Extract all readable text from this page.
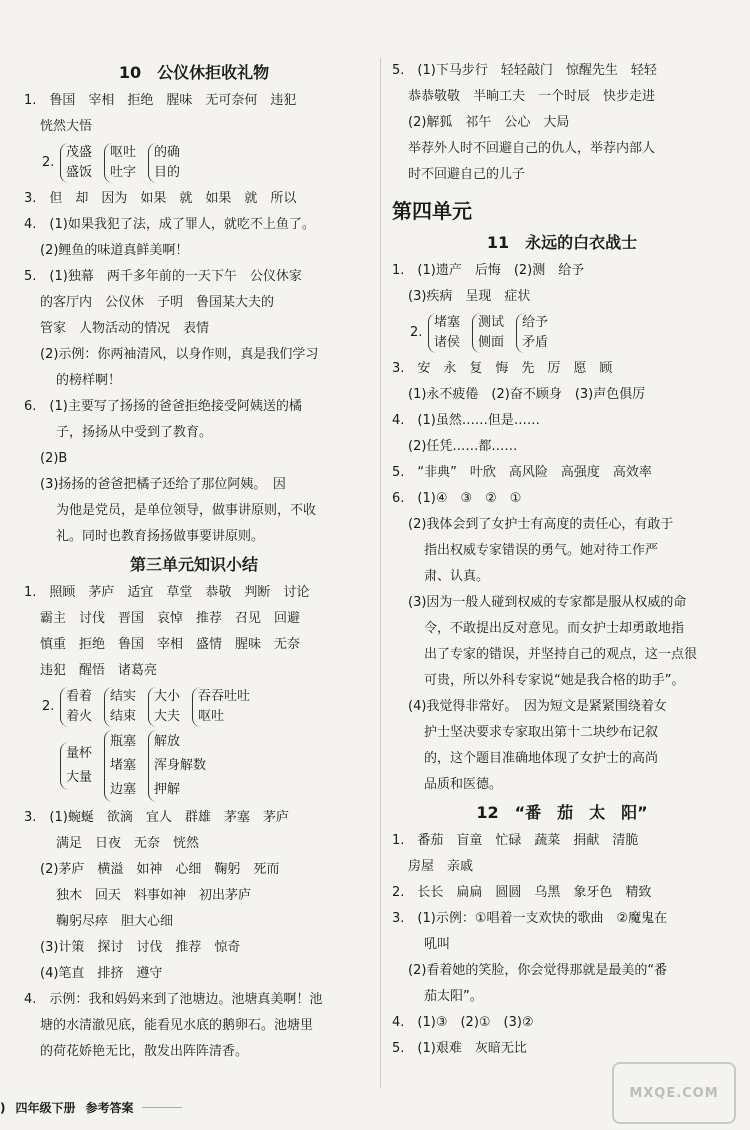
10　公仪休拒收礼物
1.　鲁国　宰相　拒绝　腥味　无可奈何　违犯
恍然大悟
2.
茂盛
盛饭
呕吐
吐字
的确
目的
3.　但　却　因为　如果　就　如果　就　所以
4.　(1)如果我犯了法，成了罪人，就吃不上鱼了。
(2)鲤鱼的味道真鲜美啊！
5.　(1)独幕　两千多年前的一天下午　公仪休家
的客厅内　公仪休　子明　鲁国某大夫的
管家　人物活动的情况　表情
(2)示例：你两袖清风，以身作则，真是我们学习
的榜样啊！
6.　(1)主要写了扬扬的爸爸拒绝接受阿姨送的橘
子，扬扬从中受到了教育。
(2)B
(3)扬扬的爸爸把橘子还给了那位阿姨。　因
为他是党员，是单位领导，做事讲原则，不收
礼。同时也教育扬扬做事要讲原则。
第三单元知识小结
1.　照顾　茅庐　适宜　草堂　恭敬　判断　讨论
霸主　讨伐　晋国　哀悼　推荐　召见　回避
慎重　拒绝　鲁国　宰相　盛情　腥味　无奈
违犯　醒悟　诸葛亮
2.
看着
着火
结实
结束
大小
大夫
吞吞吐吐
呕吐
量杯
大量
瓶塞
堵塞
边塞
解放
浑身解数
押解
3.　(1)蜿蜒　欲滴　宜人　群雄　茅塞　茅庐
满足　日夜　无奈　恍然
(2)茅庐　横溢　如神　心细　鞠躬　死而
独木　回天　料事如神　初出茅庐
鞠躬尽瘁　胆大心细
(3)计策　探讨　讨伐　推荐　惊奇
(4)笔直　排挤　遵守
4.　示例：我和妈妈来到了池塘边。池塘真美啊！池
塘的水清澈见底，能看见水底的鹅卵石。池塘里
的荷花娇艳无比，散发出阵阵清香。
5.　(1)下马步行　轻轻敲门　惊醒先生　轻轻
恭恭敬敬　半晌工夫　一个时辰　快步走进
(2)解狐　祁午　公心　大局
举荐外人时不回避自己的仇人，举荐内部人
时不回避自己的儿子
第四单元
11　永远的白衣战士
1.　(1)遗产　后悔　(2)测　给予
(3)疾病　呈现　症状
2.
堵塞
诸侯
测试
侧面
给予
矛盾
3.　安　永　复　悔　先　厉　愿　顾
(1)永不疲倦　(2)奋不顾身　(3)声色俱厉
4.　(1)虽然……但是……
(2)任凭……都……
5.　“非典”　叶欣　高风险　高强度　高效率
6.　(1)④　③　②　①
(2)我体会到了女护士有高度的责任心，有敢于
指出权威专家错误的勇气。她对待工作严
肃、认真。
(3)因为一般人碰到权威的专家都是服从权威的命
令，不敢提出反对意见。而女护士却勇敢地指
出了专家的错误，并坚持自己的观点，这一点很
可贵，所以外科专家说“她是我合格的助手”。
(4)我觉得非常好。　因为短文是紧紧围绕着女
护士坚决要求专家取出第十二块纱布记叙
的，这个题目准确地体现了女护士的高尚
品质和医德。
12　“番　茄　太　阳”
1.　番茄　盲童　忙碌　蔬菜　捐献　清脆
房屋　亲戚
2.　长长　扁扁　圆圆　乌黑　象牙色　精致
3.　(1)示例：①唱着一支欢快的歌曲　②魔鬼在
吼叫
(2)看着她的笑脸，你会觉得那就是最美的“番
茄太阳”。
4.　(1)③　(2)①　(3)②
5.　(1)艰难　灰暗无比
) 四年级下册 参考答案
MXQE.COM
